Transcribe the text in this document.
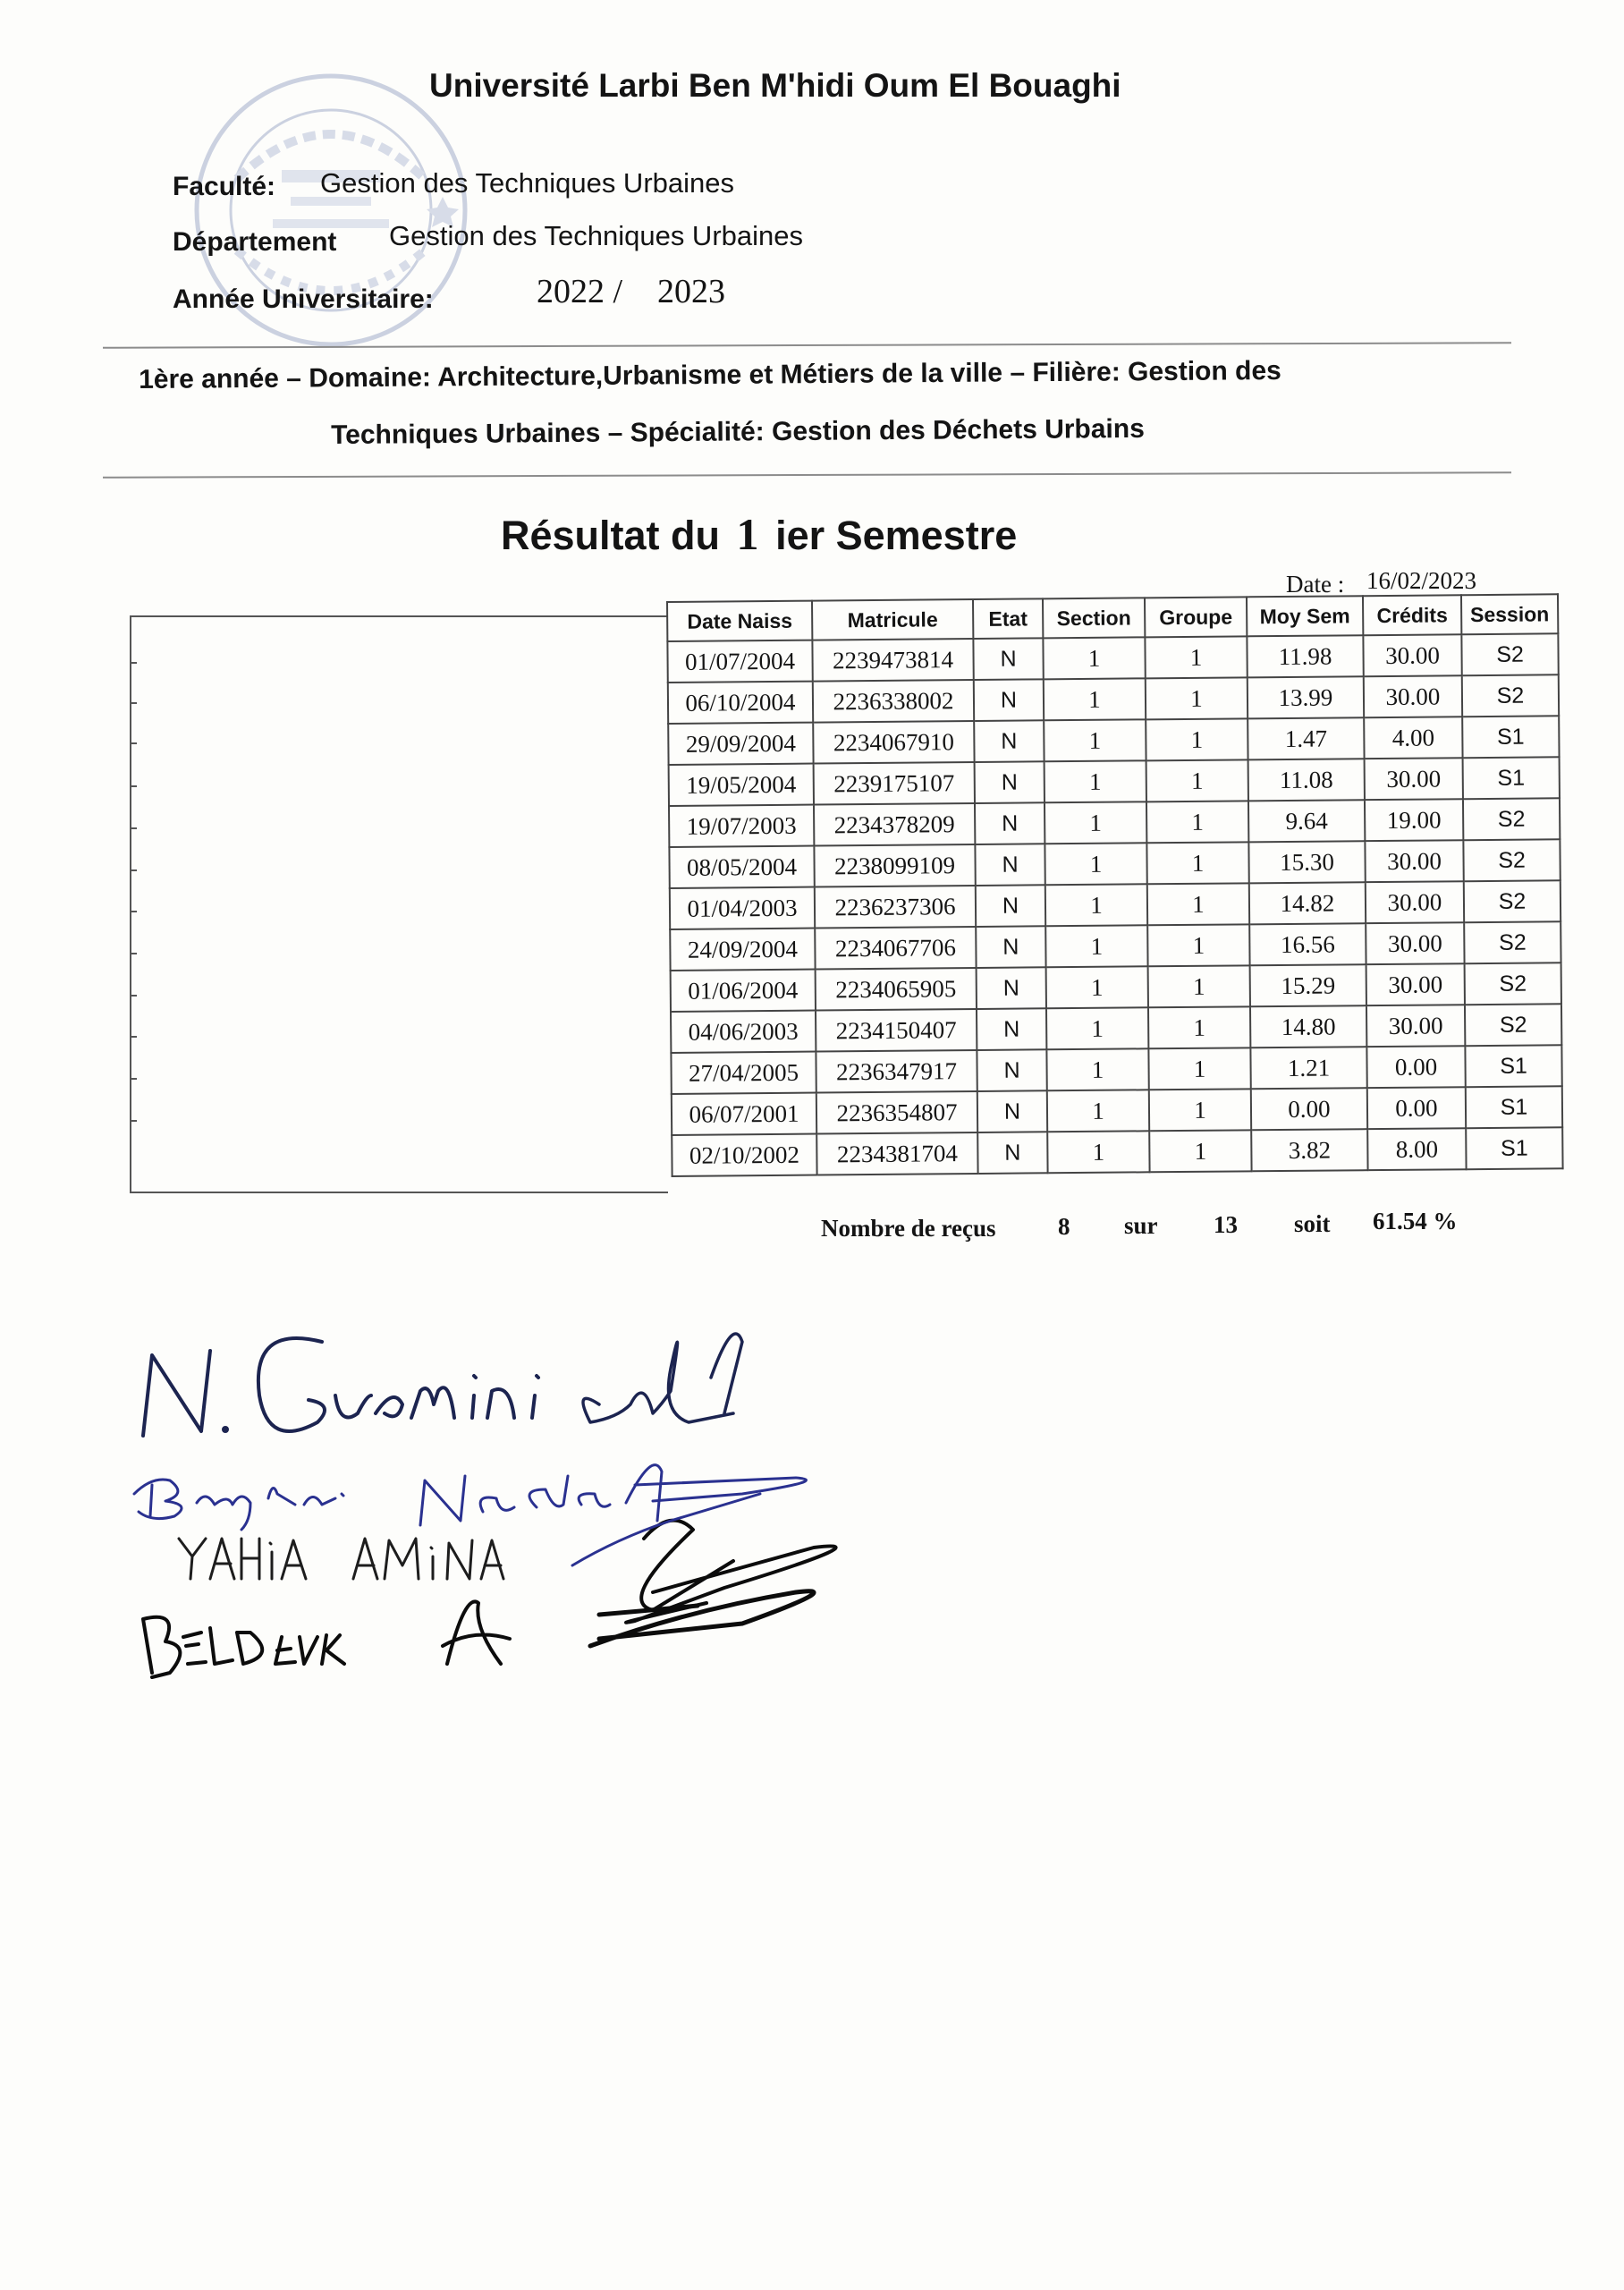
Université Larbi Ben M'hidi Oum El Bouaghi
Faculté: Gestion des Techniques Urbaines
Département Gestion des Techniques Urbaines
Année Universitaire:	2022 / 2023
1ère année – Domaine: Architecture,Urbanisme et Métiers de la ville – Filière: Gestion des
Techniques Urbaines – Spécialité: Gestion des Déchets Urbains
Résultat du 1 ier Semestre
Date : 16/02/2023
Date Naiss	Matricule	Etat	Section	Groupe	Moy Sem	Crédits	Session
01/07/2004	2239473814	N	1	1	11.98	30.00	S2
06/10/2004	2236338002	N	1	1	13.99	30.00	S2
29/09/2004	2234067910	N	1	1	1.47	4.00	S1
19/05/2004	2239175107	N	1	1	11.08	30.00	S1
19/07/2003	2234378209	N	1	1	9.64	19.00	S2
08/05/2004	2238099109	N	1	1	15.30	30.00	S2
01/04/2003	2236237306	N	1	1	14.82	30.00	S2
24/09/2004	2234067706	N	1	1	16.56	30.00	S2
01/06/2004	2234065905	N	1	1	15.29	30.00	S2
04/06/2003	2234150407	N	1	1	14.80	30.00	S2
27/04/2005	2236347917	N	1	1	1.21	0.00	S1
06/07/2001	2236354807	N	1	1	0.00	0.00	S1
02/10/2002	2234381704	N	1	1	3.82	8.00	S1
Nombre de reçus	8 sur 13 soit 61.54 %
